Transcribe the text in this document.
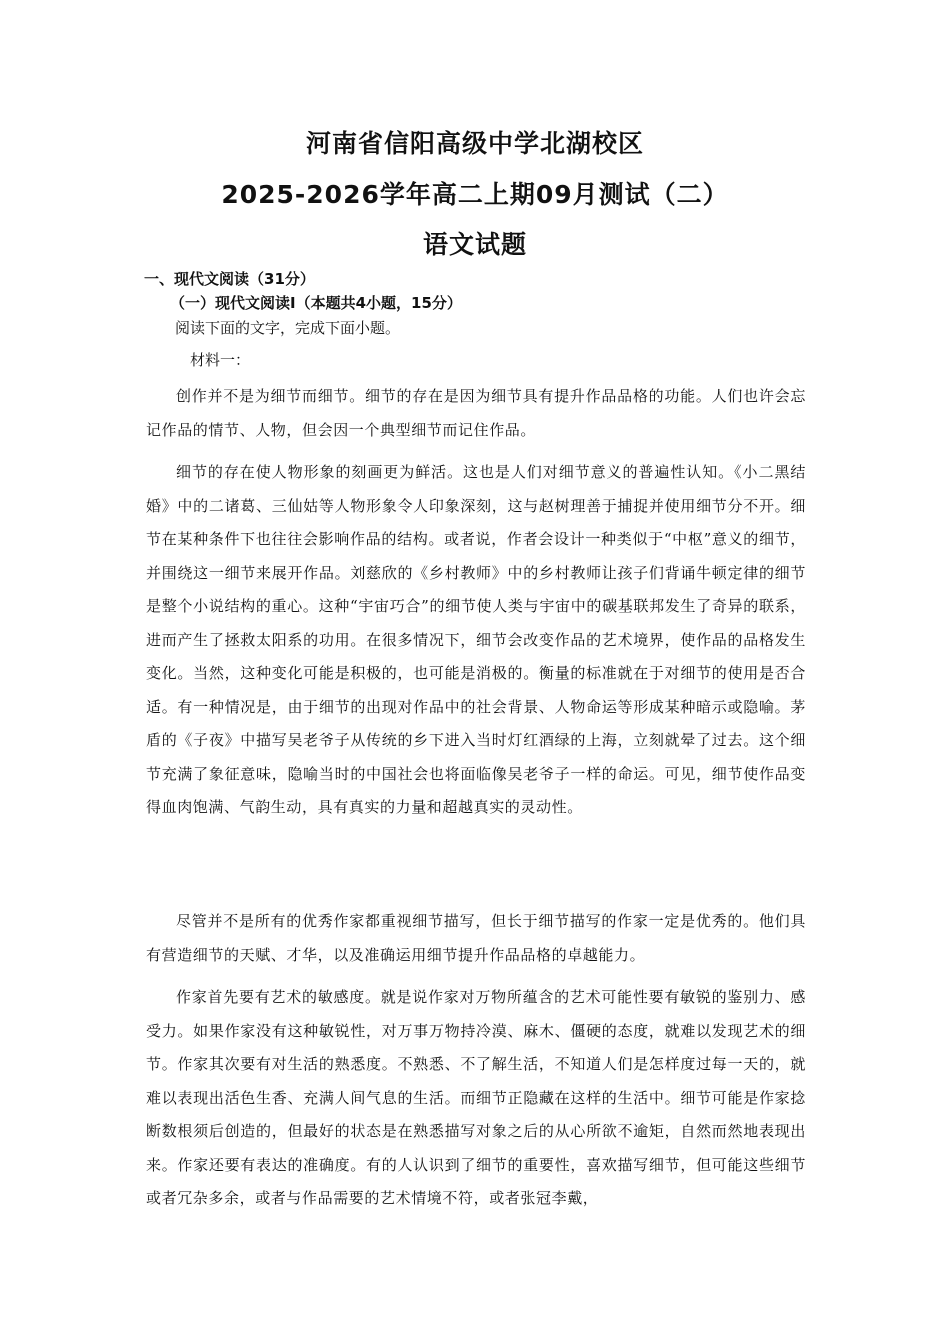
河南省信阳高级中学北湖校区
2025-2026学年高二上期09月测试（二）
语文试题

一、现代文阅读（31分）

（一）现代文阅读Ⅰ（本题共4小题，15分）

阅读下面的文字，完成下面小题。

材料一：

创作并不是为细节而细节。细节的存在是因为细节具有提升作品品格的功能。人们也许会忘记作品的情节、人物，但会因一个典型细节而记住作品。

细节的存在使人物形象的刻画更为鲜活。这也是人们对细节意义的普遍性认知。《小二黑结婚》中的二诸葛、三仙姑等人物形象令人印象深刻，这与赵树理善于捕捉并使用细节分不开。细节在某种条件下也往往会影响作品的结构。或者说，作者会设计一种类似于“中枢”意义的细节，并围绕这一细节来展开作品。刘慈欣的《乡村教师》中的乡村教师让孩子们背诵牛顿定律的细节是整个小说结构的重心。这种“宇宙巧合”的细节使人类与宇宙中的碳基联邦发生了奇异的联系，进而产生了拯救太阳系的功用。在很多情况下，细节会改变作品的艺术境界，使作品的品格发生变化。当然，这种变化可能是积极的，也可能是消极的。衡量的标准就在于对细节的使用是否合适。有一种情况是，由于细节的出现对作品中的社会背景、人物命运等形成某种暗示或隐喻。茅盾的《子夜》中描写吴老爷子从传统的乡下进入当时灯红酒绿的上海，立刻就晕了过去。这个细节充满了象征意味，隐喻当时的中国社会也将面临像吴老爷子一样的命运。可见，细节使作品变得血肉饱满、气韵生动，具有真实的力量和超越真实的灵动性。

尽管并不是所有的优秀作家都重视细节描写，但长于细节描写的作家一定是优秀的。他们具有营造细节的天赋、才华，以及准确运用细节提升作品品格的卓越能力。

作家首先要有艺术的敏感度。就是说作家对万物所蕴含的艺术可能性要有敏锐的鉴别力、感受力。如果作家没有这种敏锐性，对万事万物持冷漠、麻木、僵硬的态度，就难以发现艺术的细节。作家其次要有对生活的熟悉度。不熟悉、不了解生活，不知道人们是怎样度过每一天的，就难以表现出活色生香、充满人间气息的生活。而细节正隐藏在这样的生活中。细节可能是作家捻断数根须后创造的，但最好的状态是在熟悉描写对象之后的从心所欲不逾矩，自然而然地表现出来。作家还要有表达的准确度。有的人认识到了细节的重要性，喜欢描写细节，但可能这些细节或者冗杂多余，或者与作品需要的艺术情境不符，或者张冠李戴，
